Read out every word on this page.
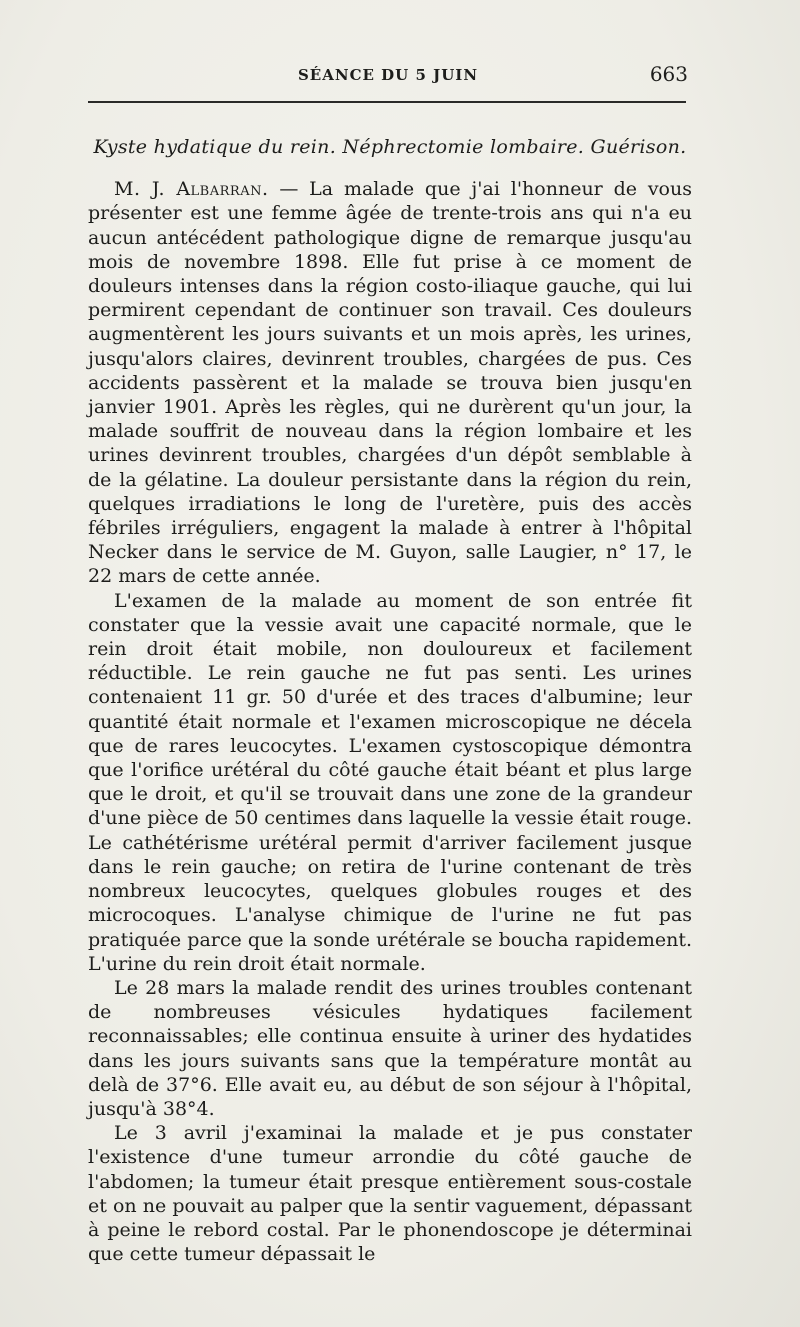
SÉANCE DU 5 JUIN	663
Kyste hydatique du rein. Néphrectomie lombaire. Guérison.

M. J. Albarran. — La malade que j'ai l'honneur de vous présenter est une femme âgée de trente-trois ans qui n'a eu aucun antécédent pathologique digne de remarque jusqu'au mois de novembre 1898. Elle fut prise à ce moment de douleurs intenses dans la région costo-iliaque gauche, qui lui permirent cependant de continuer son travail. Ces douleurs augmentèrent les jours suivants et un mois après, les urines, jusqu'alors claires, devinrent troubles, chargées de pus. Ces accidents passèrent et la malade se trouva bien jusqu'en janvier 1901. Après les règles, qui ne durèrent qu'un jour, la malade souffrit de nouveau dans la région lombaire et les urines devinrent troubles, chargées d'un dépôt semblable à de la gélatine. La douleur persistante dans la région du rein, quelques irradiations le long de l'uretère, puis des accès fébriles irréguliers, engagent la malade à entrer à l'hôpital Necker dans le service de M. Guyon, salle Laugier, n° 17, le 22 mars de cette année.

L'examen de la malade au moment de son entrée fit constater que la vessie avait une capacité normale, que le rein droit était mobile, non douloureux et facilement réductible. Le rein gauche ne fut pas senti. Les urines contenaient 11 gr. 50 d'urée et des traces d'albumine; leur quantité était normale et l'examen microscopique ne décela que de rares leucocytes. L'examen cystoscopique démontra que l'orifice urétéral du côté gauche était béant et plus large que le droit, et qu'il se trouvait dans une zone de la grandeur d'une pièce de 50 centimes dans laquelle la vessie était rouge. Le cathétérisme urétéral permit d'arriver facilement jusque dans le rein gauche; on retira de l'urine contenant de très nombreux leucocytes, quelques globules rouges et des microcoques. L'analyse chimique de l'urine ne fut pas pratiquée parce que la sonde urétérale se boucha rapidement. L'urine du rein droit était normale.

Le 28 mars la malade rendit des urines troubles contenant de nombreuses vésicules hydatiques facilement reconnaissables; elle continua ensuite à uriner des hydatides dans les jours suivants sans que la température montât au delà de 37°6. Elle avait eu, au début de son séjour à l'hôpital, jusqu'à 38°4.

Le 3 avril j'examinai la malade et je pus constater l'existence d'une tumeur arrondie du côté gauche de l'abdomen; la tumeur était presque entièrement sous-costale et on ne pouvait au palper que la sentir vaguement, dépassant à peine le rebord costal. Par le phonendoscope je déterminai que cette tumeur dépassait le
